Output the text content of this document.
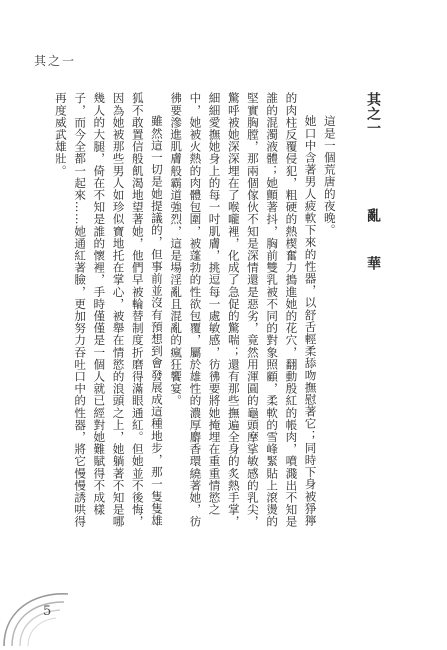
其之一
其之一亂　華

這是一個荒唐的夜晚。

她口中含著男人疲軟下來的性器，以舒舌輕柔舔吻撫慰著它；同時下身被猙獰的肉柱反覆侵犯，粗硬的熱楔奮力搗進她的花穴，翻動殷紅的帳肉，噴濺出不知是誰的混濁液體；她顫著抖，胸前雙乳被不同的對象照顧，柔軟的雪峰緊貼上滾燙的堅實胸膛，那兩個傢伙不知是深情還是惡劣，竟然用渾圓的龜頭摩挲敏感的乳尖，驚呼被她深深埋在了喉嚨裡，化成了急促的驚喘；還有那些撫遍全身的炙熱手掌，細細愛撫她身上的每一吋肌膚，挑逗每一處敏感，彷彿要將她掩埋在重重情慾之中，她被火熱的肉體包圍，被蓬勃的性欲包覆，屬於雄性的濃厚麝香環繞著她，彷彿要滲進肌膚般霸道強烈，這是場淫亂且混亂的瘋狂饗宴。

雖然這一切是她提議的，但事前並沒有預想到會發展成這種地步，那一隻隻雄狐不敢置信般飢渴地望著她，他們早被輪替制度折磨得滿眼通紅。但她並不後悔，因為她被那些男人如珍似寶地托在掌心，被舉在情慾的浪頭之上，她躺著不知是哪幾人的大腿，倚在不知是誰的懷裡，手時僅僅是一個人就已經對她難賦得不成樣子，而今全都一起來……她通紅著臉，更加努力吞吐口中的性器，將它慢慢誘哄得再度威武雄壯。

5
